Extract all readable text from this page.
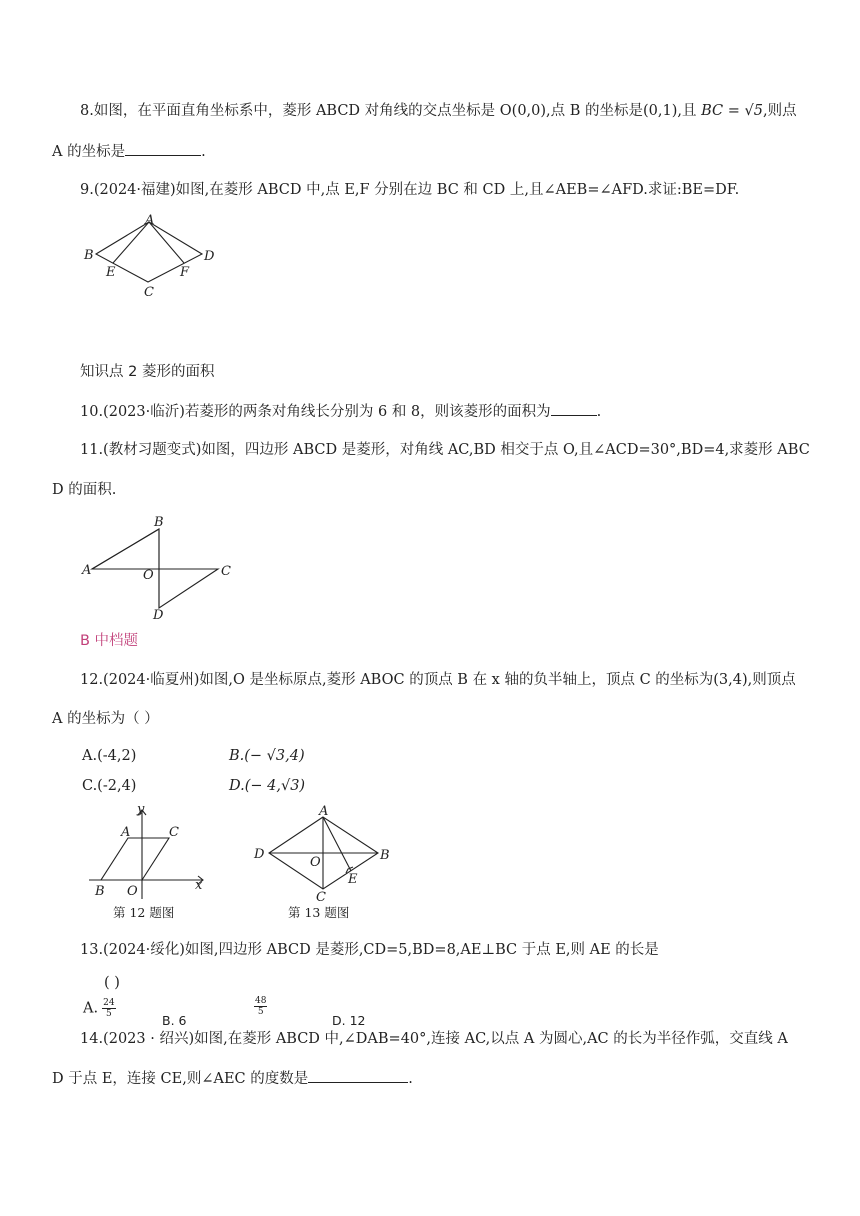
8.如图，在平面直角坐标系中，菱形 ABCD 对角线的交点坐标是 O(0,0),点 B 的坐标是(0,1),且 BC = √5,则点
A 的坐标是	.
9.(2024·福建)如图,在菱形 ABCD 中,点 E,F 分别在边 BC 和 CD 上,且∠AEB=∠AFD.求证:BE=DF.
A
B
C
D
E	F
知识点 2 菱形的面积
10.(2023·临沂)若菱形的两条对角线长分别为 6 和 8，则该菱形的面积为	.
11.(教材习题变式)如图，四边形 ABCD 是菱形，对角线 AC,BD 相交于点 O,且∠ACD=30°,BD=4,求菱形 ABC
D 的面积.
B
A	C
D
O
B 中档题
12.(2024·临夏州)如图,O 是坐标原点,菱形 ABOC 的顶点 B 在 x 轴的负半轴上，顶点 C 的坐标为(3,4),则顶点
A 的坐标为（ ）
A.(-4,2)	B.(− √3,4)
C.(-2,4)	D.(− 4,√3)
y
A	C
B O	x
第 12 题图
A
D	B
C
E
O
第 13 题图
13.(2024·绥化)如图,四边形 ABCD 是菱形,CD=5,BD=8,AE⊥BC 于点 E,则 AE 的长是
( )
A. $\frac{24}{5}$
B. 6
$\frac{48}{5}$
D. 12
14.(2023 · 绍兴)如图,在菱形 ABCD 中,∠DAB=40°,连接 AC,以点 A 为圆心,AC 的长为半径作弧，交直线 A
D 于点 E，连接 CE,则∠AEC 的度数是	.
